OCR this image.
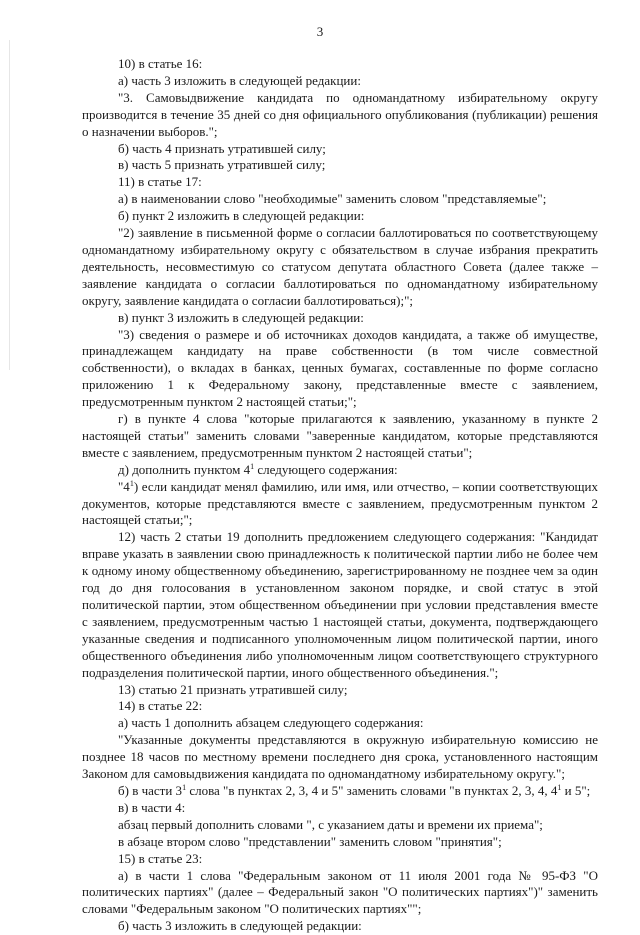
3

10) в статье 16:

а) часть 3 изложить в следующей редакции:

"3. Самовыдвижение кандидата по одномандатному избирательному округу производится в течение 35 дней со дня официального опубликования (публикации) решения о назначении выборов.";

б) часть 4 признать утратившей силу;

в) часть 5 признать утратившей силу;

11) в статье 17:

а) в наименовании слово "необходимые" заменить словом "представляемые";

б) пункт 2 изложить в следующей редакции:

"2) заявление в письменной форме о согласии баллотироваться по соответствующему одномандатному избирательному округу с обязательством в случае избрания прекратить деятельность, несовместимую со статусом депутата областного Совета (далее также – заявление кандидата о согласии баллотироваться по одномандатному избирательному округу, заявление кандидата о согласии баллотироваться);";

в) пункт 3 изложить в следующей редакции:

"3) сведения о размере и об источниках доходов кандидата, а также об имуществе, принадлежащем кандидату на праве собственности (в том числе совместной собственности), о вкладах в банках, ценных бумагах, составленные по форме согласно приложению 1 к Федеральному закону, представленные вместе с заявлением, предусмотренным пунктом 2 настоящей статьи;";

г) в пункте 4 слова "которые прилагаются к заявлению, указанному в пункте 2 настоящей статьи" заменить словами "заверенные кандидатом, которые представляются вместе с заявлением, предусмотренным пунктом 2 настоящей статьи";

д) дополнить пунктом $4^1$ следующего содержания:

"$4^1$) если кандидат менял фамилию, или имя, или отчество, – копии соответствующих документов, которые представляются вместе с заявлением, предусмотренным пунктом 2 настоящей статьи;";

12) часть 2 статьи 19 дополнить предложением следующего содержания: "Кандидат вправе указать в заявлении свою принадлежность к политической партии либо не более чем к одному иному общественному объединению, зарегистрированному не позднее чем за один год до дня голосования в установленном законом порядке, и свой статус в этой политической партии, этом общественном объединении при условии представления вместе с заявлением, предусмотренным частью 1 настоящей статьи, документа, подтверждающего указанные сведения и подписанного уполномоченным лицом политической партии, иного общественного объединения либо уполномоченным лицом соответствующего структурного подразделения политической партии, иного общественного объединения.";

13) статью 21 признать утратившей силу;

14) в статье 22:

а) часть 1 дополнить абзацем следующего содержания:

"Указанные документы представляются в окружную избирательную комиссию не позднее 18 часов по местному времени последнего дня срока, установленного настоящим Законом для самовыдвижения кандидата по одномандатному избирательному округу.";

б) в части $3^1$ слова "в пунктах 2, 3, 4 и 5" заменить словами "в пунктах 2, 3, 4, $4^1$ и 5";

в) в части 4:

абзац первый дополнить словами ", с указанием даты и времени их приема";

в абзаце втором слово "представлении" заменить словом "принятия";

15) в статье 23:

а) в части 1 слова "Федеральным законом от 11 июля 2001 года № 95-ФЗ "О политических партиях" (далее – Федеральный закон "О политических партиях")" заменить словами "Федеральным законом "О политических партиях"";

б) часть 3 изложить в следующей редакции:
